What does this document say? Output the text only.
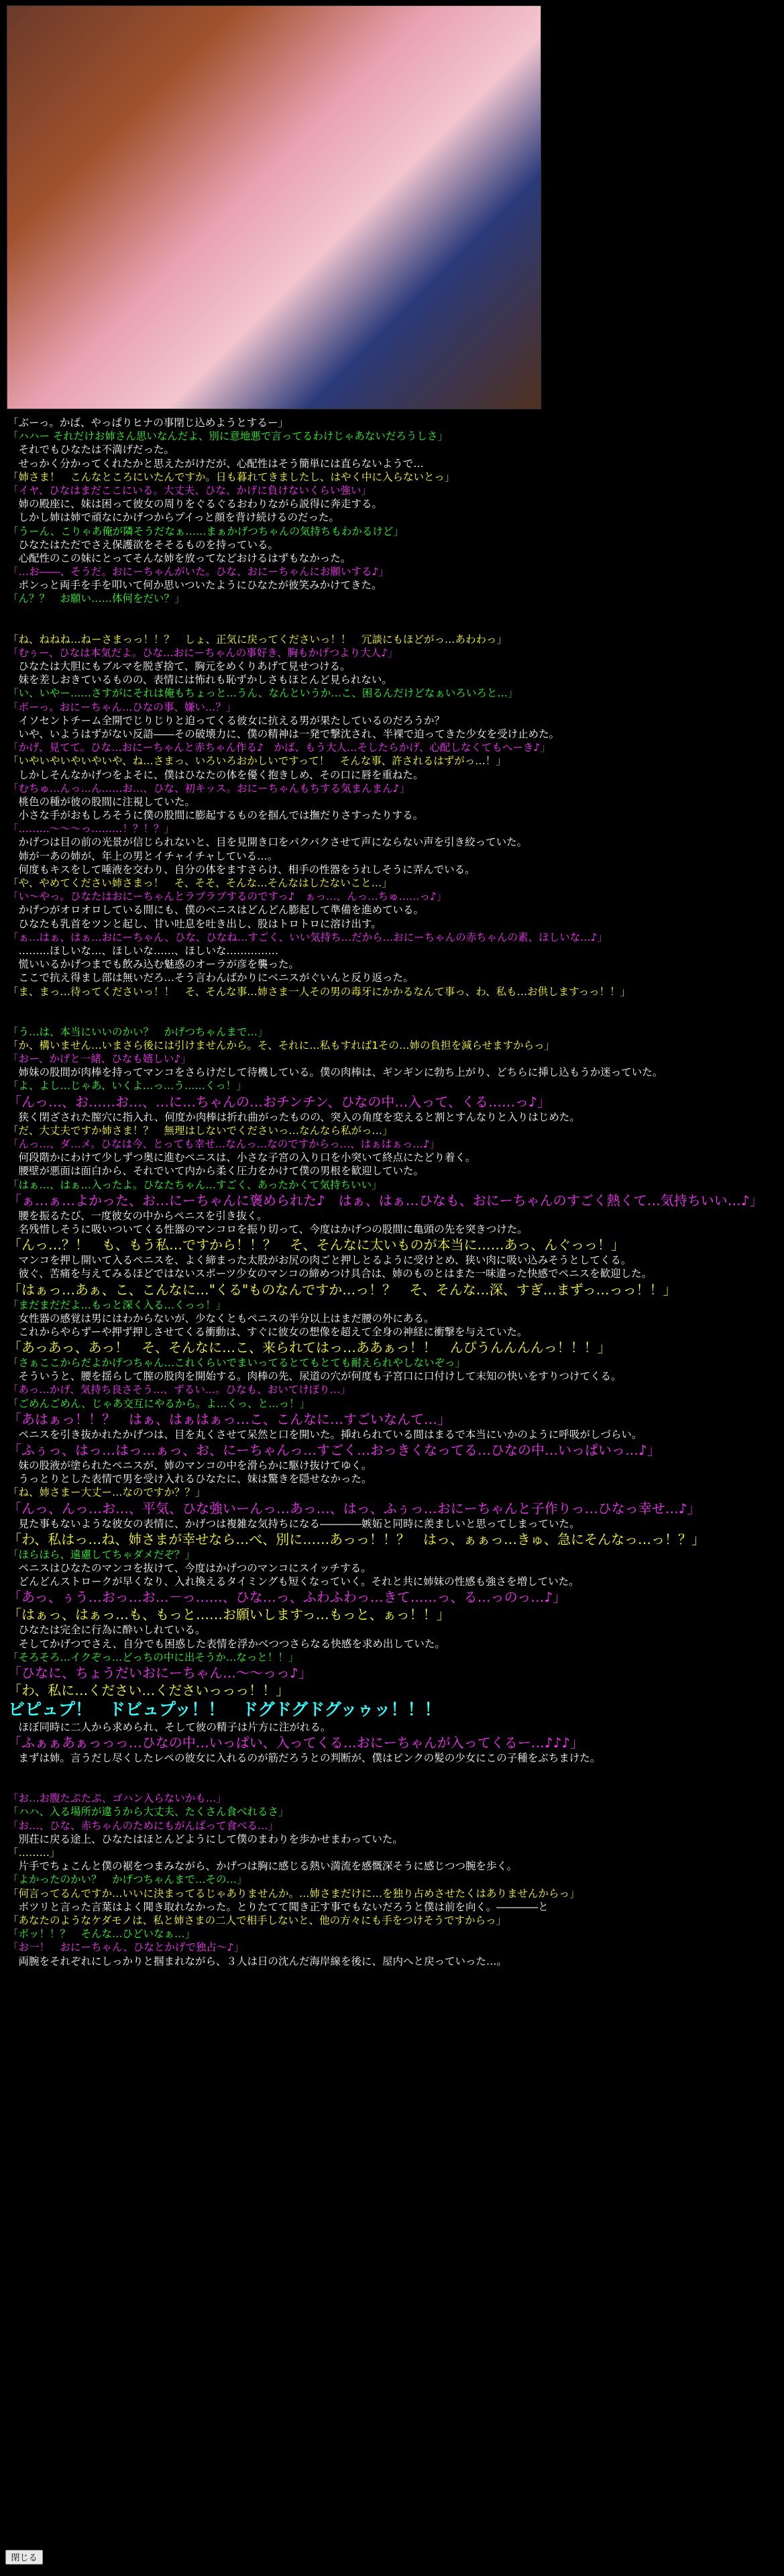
「ぶーっ。かば、やっぱりヒナの事閉じ込めようとするー」
「ハハー それだけお姉さん思いなんだよ、別に意地悪で言ってるわけじゃあないだろうしさ」
　それでもひなたは不満げだった。
　せっかく分かってくれたかと思えたがけだが、心配性はそう簡単には直らないようで…
「姉さま！　こんなところにいたんですか。日も暮れてきましたし、はやく中に入らないとっ」
「イヤ、ひなはまだここにいる。大丈夫、ひな、かげに負けないくらい強い」
　姉の殿座に、妹は困って彼女の周りをぐるぐるおわりながら説得に奔走する。
　しかし姉は姉で頑なにかげつからプイっと顔を背け続けるのだった。
「うーん、こりゃあ俺が隣そうだなぁ……まぁかげつちゃんの気持ちもわかるけど」
　ひなたはただでさえ保護欲をそそるものを持っている。
　心配性のこの妹にとってそんな姉を放ってなどおけるはずもなかった。
「…お――、そうだ。おにーちゃんがいた。ひな、おにーちゃんにお願いする♪」
　ポンっと両手を手を叩いて何か思いついたようにひなたが彼笑みかけてきた。
「ん？？　お願い……体何をだい？」
「ね、ねねね…ねーさまっっ！！？　しょ、正気に戻ってくださいっ！！　冗談にもほどがっ…あわわっ」
「むぅー、ひなは本気だよ。ひな…おにーちゃんの事好き、胸もかげつより大人♪」
　ひなたは大胆にもブルマを脱ぎ捨て、胸元をめくりあげて見せつける。
　妹を差しおきているものの、表情には怖れも恥ずかしさもほとんど見られない。
「い、いやー……さすがにそれは俺もちょっと…うん、なんというか…こ、困るんだけどなぁいろいろと…」
「ボーっ。おにーちゃん…ひなの事、嫌い…？」
　イソセントチーム全開でじりじりと迫ってくる彼女に抗える男が果たしているのだろうか？
　いや、いようはずがない反語――その破壊力に、僕の精神は一発で撃沈され、半裸で迫ってきた少女を受け止めた。
「かげ、見てて。ひな…おにーちゃんと赤ちゃん作る♪　かば、もう大人…そしたらかげ、心配しなくてもへーき♪」
「いやいやいやいやいや、ね…さまっ、いろいろおかしいですって！　そんな事、許されるはずがっ…！」
　しかしそんなかげつをよそに、僕はひなたの体を優く抱きしめ、その口に唇を重ねた。
「むちゅ…んっ…ん……お…、ひな、初キッス。おにーちゃんもちする気まんまん♪」
　桃色の種が彼の股間に注視していた。
　小さな手がおもしろそうに僕の股間に膨起するものを掴んでは撫だりさすったりする。
「………〜〜〜っ………！？！？」
　かげつは目の前の光景が信じられないと、目を見開き口をパクパクさせて声にならない声を引き絞っていた。
　姉が一あの姉が、年上の男とイチャイチャしている…。
　何度もキスをして唾液を交わり、自分の体をますさらけ、相手の性器をうれしそうに弄んでいる。
「や、やめてください姉さまっ！　そ、そそ、そんな…そんなはしたないこと…」
「い〜やっ。ひなたはおにーちゃんとラブラブするのですっ♪　ぁっ…、んっ…ちゅ……っ♪」
　かげつがオロオロしている間にも、僕のベニスはどんどん膨起して準備を進めている。
　ひなたも乳首をツンと起し、甘い吐息を吐き出し、股はトロトロに溶け出す。
「ぁ…はぁ、はぁ…おにーちゃん、ひな、ひなね…すごく、いい気持ち…だから…おにーちゃんの赤ちゃんの素、ほしいな…♪」
　………ほしいな…、ほしいな……、ほしいな……………
　慌いいるかげつまでも飲み込む魅惑のオーラが彦を襲った。
　ここで抗え得まし部は無いだろ…そう言わんばかりにベニスがぐいんと反り返った。
「ま、まっ…待ってくださいっ！！　そ、そんな事…姉さま一人その男の毒牙にかかるなんて事っ、わ、私も…お供しますっっ！！」
「う…は、本当にいいのかい？　かげつちゃんまで…」
「か、構いません…いまさら後には引けませんから。そ、それに…私もすれば1その…姉の負担を減らせますからっ」
「おー、かげと一緒、ひなも嬉しい♪」
　姉妹の股間が肉棒を持ってマンコをさらけだして待機している。僕の肉棒は、ギンギンに勃ち上がり、どちらに挿し込もうか迷っていた。
「よ、よし…じゃあ、いくよ…っ…う……くっ！」
「んっ…、お……お…、…に…ちゃんの…おチンチン、ひなの中…入って、くる……っ♪」
　狭く閉ざされた膣穴に指入れ、何度か肉棒は折れ曲がったものの、突入の角度を変えると割とすんなりと入りはじめた。
「だ、大丈夫ですか姉さま！？　無理はしないでくださいっ…なんなら私がっ…」
「んっ…、ダ…メ。ひなは今、とっても幸せ…なんっ…なのですからっ…、はぁはぁっ…♪」
　何段階かにわけて少しずつ奥に進むペニスは、小さな子宮の入り口を小突いて終点にたどり着く。
　腰壁が悪面は面白から、それでいて内から柔く圧力をかけて僕の男根を歓迎していた。
「はぁ…、はぁ…入ったよ。ひなたちゃん…すごく、あったかくて気持ちいい」
「ぁ…ぁ…よかった、お…にーちゃんに褒められた♪　はぁ、はぁ…ひなも、おにーちゃんのすごく熱くて…気持ちいい…♪」
　腰を振るたび、一度彼女の中からペニスを引き抜く。
　名残惜しそうに吸いついてくる性器のマンコロを振り切って、今度はかげつの股間に亀頭の先を突きつけた。
「んっ…？！　も、もう私…ですから！！？　そ、そんなに太いものが本当に……あっ、んぐっっ！」
　マンコを押し開いて入るペニスを、よく締まった太股がお尻の肉ごと押しとるように受けとめ、狭い肉に吸い込みそうとしてくる。
　彼ぐ、苦痛を与えてみるほどではないスポーツ少女のマンコの締めつけ具合は、姉のものとはまた一味違った快感でペニスを歓迎した。
「はぁっ…あぁ、こ、こんなに…"くる"ものなんですか…っ！？　そ、そんな…深、すぎ…まずっ…っっ！！」
「まだまだだよ…もっと深く入る…くっっ！」
　女性器の感覚は男にはわからないが、少なくともペニスの半分以上はまだ腰の外にある。
　これからやらずーや押ず押しさせてくる衝動は、すぐに彼女の想像を超えて全身の神経に衝撃を与えていた。
「あっあっ、あっ！　そ、そんなに…こ、来られてはっ…ああぁっ！！　んぴうんんんんっ！！！」
「さぁここからだよかげつちゃん…これくらいでまいってるとてもとても耐えられやしないぞっ」
　そういうと、腰を揺らして膣の股肉を開始する。肉棒の先、尿道の穴が何度も子宮口に口付けして末知の快いをすりつけてくる。
「あっ…かげ、気持ち良さそう…、ずるい…。ひなも、おいてけぼり…」
「ごめんごめん、じゃあ交互にやるから。よ…くっ、と…っ！」
「あはぁっ！！？　はぁ、はぁはぁっ…こ、こんなに…すごいなんて…」
　ペニスを引き抜かれたかげつは、目を丸くさせて呆然と口を開いた。挿れられている間はまるで本当にいかのように呼吸がしづらい。
「ふぅっ、はっ…はっ…ぁっ、お、にーちゃんっ…すごく…おっきくなってる…ひなの中…いっぱいっ…♪」
　妹の股液が塗られたペニスが、姉のマンコの中を滑らかに駆け抜けてゆく。
　うっとりとした表情で男を受け入れるひなたに、妹は驚きを隠せなかった。
「ね、姉さまー大丈ー…なのですか？？」
「んっ、んっ…お…、平気、ひな強いーんっ…あっ…、はっ、ふぅっ…おにーちゃんと子作りっ…ひなっ幸せ…♪」
　見た事もないような彼女の表情に、かげつは複雑な気持ちになる――――嫉妬と同時に羨ましいと思ってしまっていた。
「わ、私はっ…ね、姉さまが幸せなら…べ、別に……あっっ！！？　はっ、ぁぁっ…きゅ、急にそんなっ…っ！？」
「ほらほら、遠慮してちゃダメだぞ？」
　ペニスはひなたのマンコを抜けて、今度はかげつのマンコにスイッチする。
　どんどんストロークが早くなり、入れ換えるタイミングも短くなっていく。それと共に姉妹の性感も強さを増していた。
「あっ、ぅう…おっ…お…－っ……、ひな…っ、ふわふわっ…きて……っ、る…っのっ…♪」
「はぁっ、はぁっ…も、もっと……お願いしますっ…もっと、ぁっ！！」
　ひなたは完全に行為に酔いしれている。
　そしてかげつでさえ、自分でも困惑した表情を浮かべつつさらなる快感を求め出していた。
「そろそろ…イクぞっ…どっちの中に出そうか…なっと！！」
「ひなに、ちょうだいおにーちゃん…〜〜っっ♪」
「わ、私に…ください…くださいっっっ！！」
ビピュプ！　ドビュプッ！！　ドグドグドグッゥッ！！！
　ほぼ同時に二人から求められ、そして彼の精子は片方に注がれる。
「ふぁぁあぁっっっ…ひなの中…いっぱい、入ってくる…おにーちゃんが入ってくるー…♪♪♪」
　まずは姉。言うだし尽くしたレペの彼女に入れるのが筋だろうとの判断が、僕はピンクの髪の少女にこの子種をぶちまけた。
「お…お腹たぷたぷ、ゴハン入らないかも…」
「ハハ、入る場所が違うから大丈夫、たくさん食べれるさ」
「お…、ひな、赤ちゃんのためにもがんばって食べる…」
　別荘に戻る途上、ひなたはほとんどようにして僕のまわりを歩かせまわっていた。
「………」
　片手でちょこんと僕の裾をつまみながら、かげつは胸に感じる熱い満流を感慨深そうに感じつつ腕を歩く。
「よかったのかい？　かげつちゃんまで…その…」
「何言ってるんですか…いいに決まってるじゃありませんか。…姉さまだけに…を独り占めさせたくはありませんからっ」
　ボツリと言った言葉はよく聞き取れなかった。とりたてて聞き正す事でもないだろうと僕は前を向く。――――と
「あなたのようなケダモノは、私と姉さまの二人で相手しないと、他の方々にも手をつけそうですからっ」
「ボッ！！？　そんな…ひどいなぁ…」
「お一！　おにーちゃん、ひなとかげで独占〜♪」
　両腕をそれぞれにしっかりと掴まれながら、３人は日の沈んだ海岸線を後に、屋内へと戻っていった…。
閉じる
